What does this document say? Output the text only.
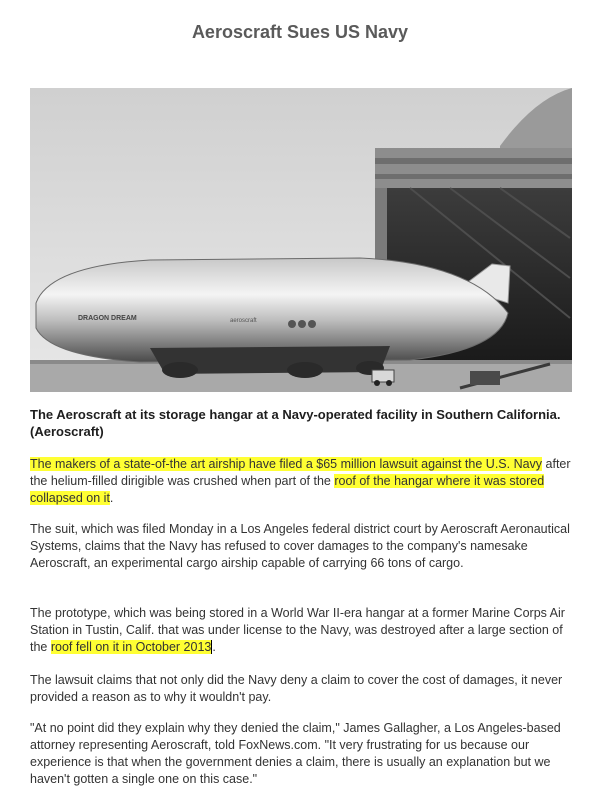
Aeroscraft Sues US Navy
DRAGON DREAM	aeroscraft
The Aeroscraft at its storage hangar at a Navy-operated facility in Southern California. (Aeroscraft)

The makers of a state-of-the art airship have filed a $65 million lawsuit against the U.S. Navy after the helium-filled dirigible was crushed when part of the roof of the hangar where it was stored collapsed on it.

The suit, which was filed Monday in a Los Angeles federal district court by Aeroscraft Aeronautical Systems, claims that the Navy has refused to cover damages to the company's namesake Aeroscraft, an experimental cargo airship capable of carrying 66 tons of cargo.

The prototype, which was being stored in a World War II-era hangar at a former Marine Corps Air Station in Tustin, Calif. that was under license to the Navy, was destroyed after a large section of the roof fell on it in October 2013.

The lawsuit claims that not only did the Navy deny a claim to cover the cost of damages, it never provided a reason as to why it wouldn't pay.

"At no point did they explain why they denied the claim," James Gallagher, a Los Angeles-based attorney representing Aeroscraft, told FoxNews.com. "It very frustrating for us because our experience is that when the government denies a claim, there is usually an explanation but we haven't gotten a single one on this case."
